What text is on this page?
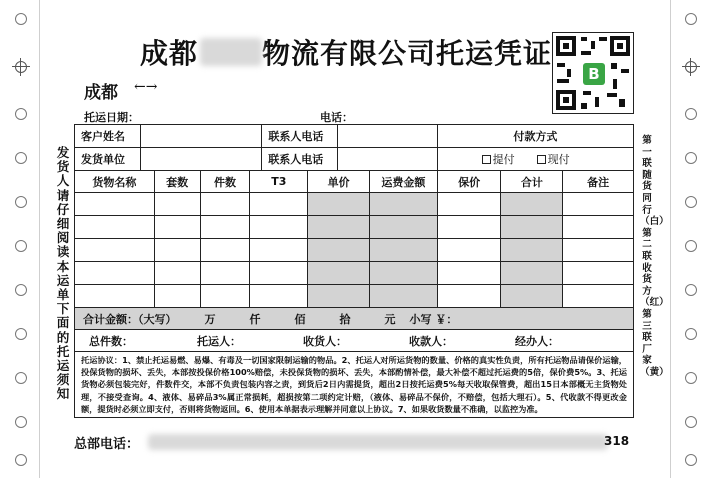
成都 物流有限公司托运凭证
B
成都 ←→
托运日期：	电话：
发货人请仔细阅读本运单下面的托运须知
第一联随货同行（白）第二联收货方（红）第三联厂家（黄）
客户姓名	联系人电话	付款方式
发货单位	联系人电话	提付	现付
货物名称	套数	件数	T3	单价	运费金额	保价	合计	备注
合计金额：（大写）	万	仟	佰	拾	元 小写 ￥：
总件数：	托运人：	收货人：	收款人：	经办人：
托运协议：1、禁止托运易燃、易爆、有毒及一切国家限制运输的物品。2、托运人对所运货物的数量、价格的真实性负责，所有托运物品请保价运输，投保货物的损坏、丢失，本部按投保价格100%赔偿，未投保货物的损坏、丢失，本部酌情补偿，最大补偿不超过托运费的5倍，保价费5%。3、托运货物必须包装完好，件数件交，本部不负责包装内容之责，到货后2日内需提货，超出2日按托运费5%每天收取保管费，超出15日本部概无主货物处理，不接受查询。4、液体、易碎品3%属正常损耗，超损按第二项约定计赔，（液体、易碎品不保价，不赔偿，包括大理石）。5、代收款不得更改金额，提货时必须立即支付，否则将货物返回。6、使用本单据表示理解并同意以上协议。7、如果收货数量不准确，以监控为准。
总部电话：	318
